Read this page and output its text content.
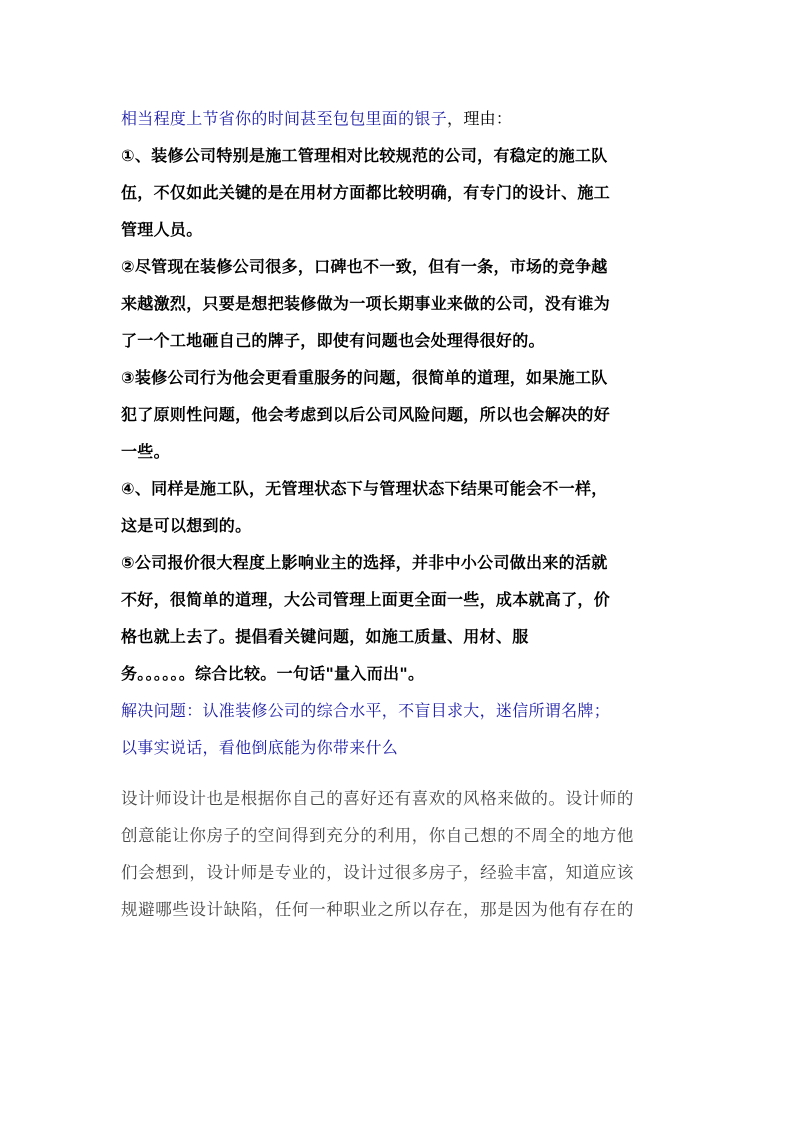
相当程度上节省你的时间甚至包包里面的银子，理由：
①、装修公司特别是施工管理相对比较规范的公司，有稳定的施工队
伍，不仅如此关键的是在用材方面都比较明确，有专门的设计、施工
管理人员。
②尽管现在装修公司很多，口碑也不一致，但有一条，市场的竞争越
来越激烈，只要是想把装修做为一项长期事业来做的公司，没有谁为
了一个工地砸自己的牌子，即使有问题也会处理得很好的。
③装修公司行为他会更看重服务的问题，很简单的道理，如果施工队
犯了原则性问题，他会考虑到以后公司风险问题，所以也会解决的好
一些。
④、同样是施工队，无管理状态下与管理状态下结果可能会不一样，
这是可以想到的。
⑤公司报价很大程度上影响业主的选择，并非中小公司做出来的活就
不好，很简单的道理，大公司管理上面更全面一些，成本就高了，价
格也就上去了。提倡看关键问题，如施工质量、用材、服
务。。。。。。综合比较。一句话"量入而出"。
解决问题：认准装修公司的综合水平，不盲目求大，迷信所谓名牌；
以事实说话，看他倒底能为你带来什么
设计师设计也是根据你自己的喜好还有喜欢的风格来做的。设计师的
创意能让你房子的空间得到充分的利用，你自己想的不周全的地方他
们会想到，设计师是专业的，设计过很多房子，经验丰富，知道应该
规避哪些设计缺陷，任何一种职业之所以存在，那是因为他有存在的
